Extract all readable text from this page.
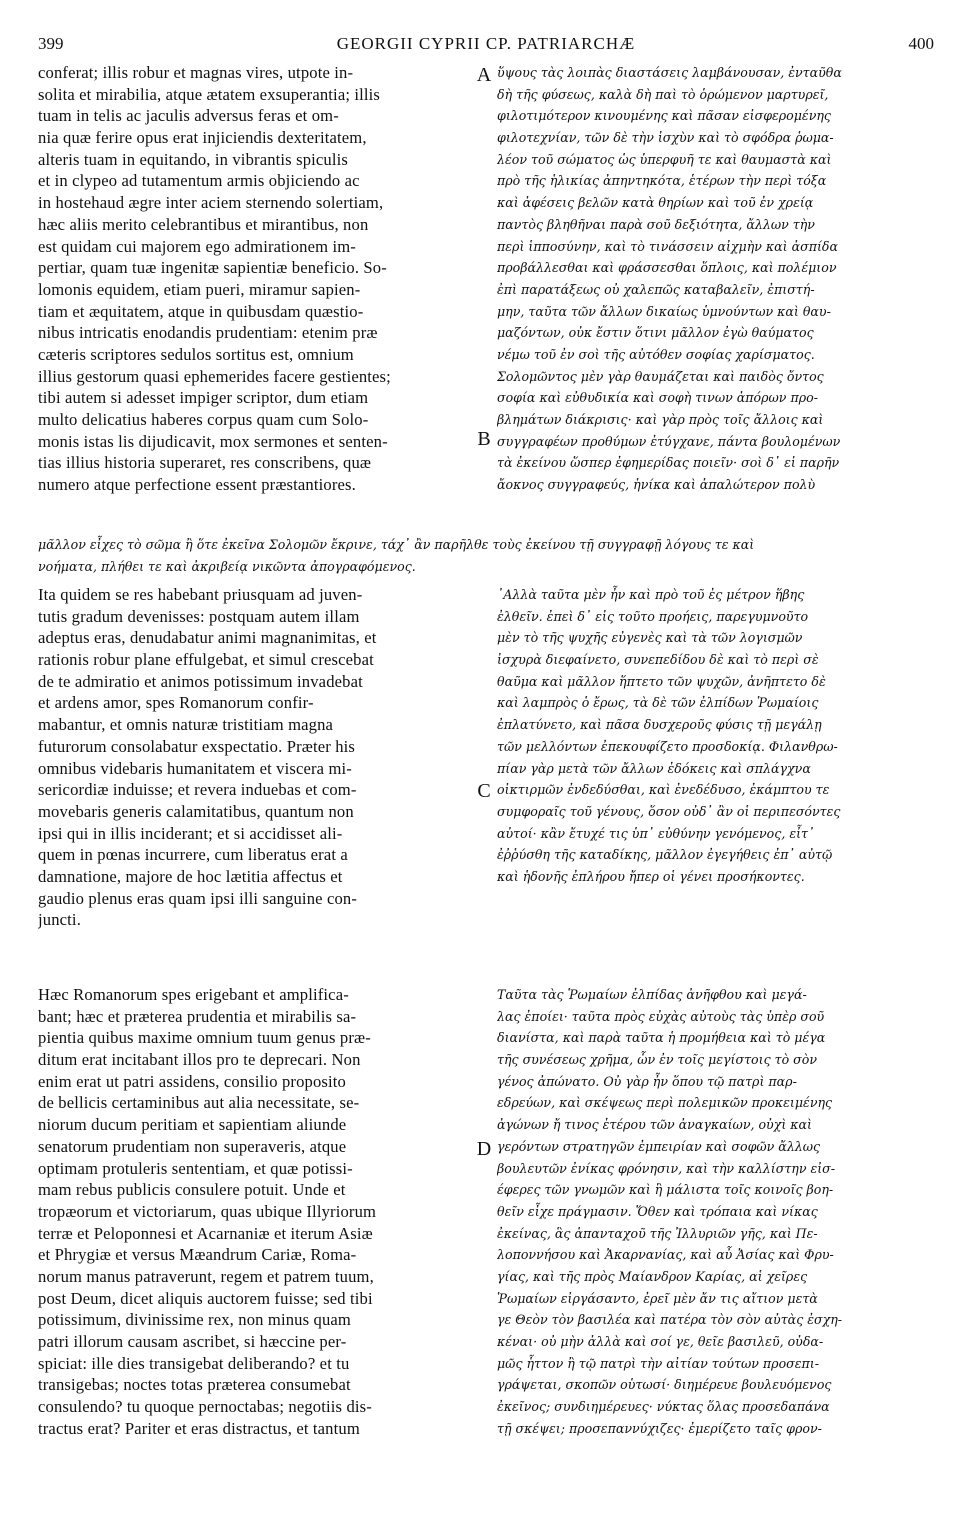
399	GEORGII CYPRII CP. PATRIARCHÆ	400
A
B
C
D
conferat; illis robur et magnas vires, utpote in-
solita et mirabilia, atque ætatem exsuperantia; illis
tuam in telis ac jaculis adversus feras et om-
nia quæ ferire opus erat injiciendis dexteritatem,
alteris tuam in equitando, in vibrantis spiculis
et in clypeo ad tutamentum armis objiciendo ac
in hostehaud ægre inter aciem sternendo solertiam,
hæc aliis merito celebrantibus et mirantibus, non
est quidam cui majorem ego admirationem im-
pertiar, quam tuæ ingenitæ sapientiæ beneficio. So-
lomonis equidem, etiam pueri, miramur sapien-
tiam et æquitatem, atque in quibusdam quæstio-
nibus intricatis enodandis prudentiam: etenim præ
cæteris scriptores sedulos sortitus est, omnium
illius gestorum quasi ephemerides facere gestientes;
tibi autem si adesset impiger scriptor, dum etiam
multo delicatius haberes corpus quam cum Solo-
monis istas lis dijudicavit, mox sermones et senten-
tias illius historia superaret, res conscribens, quæ
numero atque perfectione essent præstantiores.
ὕψους τὰς λοιπὰς διαστάσεις λαμβάνουσαν, ἐνταῦθα
δὴ τῆς φύσεως, καλὰ δὴ παὶ τὸ ὁρώμενον μαρτυρεῖ,
φιλοτιμότερον κινουμένης καὶ πᾶσαν εἰσφερομένης
φιλοτεχνίαν, τῶν δὲ τὴν ἰσχὺν καὶ τὸ σφόδρα ῥωμα-
λέον τοῦ σώματος ὡς ὑπερφυῆ τε καὶ θαυμαστὰ καὶ
πρὸ τῆς ἡλικίας ἀπηντηκότα, ἑτέρων τὴν περὶ τόξα
καὶ ἀφέσεις βελῶν κατὰ θηρίων καὶ τοῦ ἐν χρείᾳ
παντὸς βληθῆναι παρὰ σοῦ δεξιότητα, ἄλλων τὴν
περὶ ἱπποσύνην, καὶ τὸ τινάσσειν αἰχμὴν καὶ ἀσπίδα
προβάλλεσθαι καὶ φράσσεσθαι ὅπλοις, καὶ πολέμιον
ἐπὶ παρατάξεως οὐ χαλεπῶς καταβαλεῖν, ἐπιστή-
μην, ταῦτα τῶν ἄλλων δικαίως ὑμνούντων καὶ θαυ-
μαζόντων, οὐκ ἔστιν ὅτινι μᾶλλον ἐγὼ θαύματος
νέμω τοῦ ἐν σοὶ τῆς αὐτόθεν σοφίας χαρίσματος.
Σολομῶντος μὲν γὰρ θαυμάζεται καὶ παιδὸς ὄντος
σοφία καὶ εὐθυδικία καὶ σοφὴ τινων ἀπόρων προ-
βλημάτων διάκρισις· καὶ γὰρ πρὸς τοῖς ἄλλοις καὶ
συγγραφέων προθύμων ἐτύγχανε, πάντα βουλομένων
τὰ ἐκείνου ὥσπερ ἐφημερίδας ποιεῖν· σοὶ δ᾽ εἰ παρῆν
ἄοκνος συγγραφεύς, ἡνίκα καὶ ἀπαλώτερον πολὺ
μᾶλλον εἶχες τὸ σῶμα ἢ ὅτε ἐκεῖνα Σολομῶν ἔκρινε, τάχ᾽ ἂν παρῆλθε τοὺς ἐκείνου τῇ συγγραφῇ λόγους τε καὶ
νοήματα, πλήθει τε καὶ ἀκριβείᾳ νικῶντα ἀπογραφόμενος.
Ita quidem se res habebant priusquam ad juven-
tutis gradum devenisses: postquam autem illam
adeptus eras, denudabatur animi magnanimitas, et
rationis robur plane effulgebat, et simul crescebat
de te admiratio et animos potissimum invadebat
et ardens amor, spes Romanorum confir-
mabantur, et omnis naturæ tristitiam magna
futurorum consolabatur exspectatio. Præter his
omnibus videbaris humanitatem et viscera mi-
sericordiæ induisse; et revera induebas et com-
movebaris generis calamitatibus, quantum non
ipsi qui in illis inciderant; et si accidisset ali-
quem in pœnas incurrere, cum liberatus erat a
damnatione, majore de hoc lætitia affectus et
gaudio plenus eras quam ipsi illi sanguine con-
juncti.
᾿Αλλὰ ταῦτα μὲν ἦν καὶ πρὸ τοῦ ἐς μέτρον ἥβης
ἐλθεῖν. ἐπεὶ δ᾽ εἰς τοῦτο προήεις, παρεγυμνοῦτο
μὲν τὸ τῆς ψυχῆς εὐγενὲς καὶ τὰ τῶν λογισμῶν
ἰσχυρὰ διεφαίνετο, συνεπεδίδου δὲ καὶ τὸ περὶ σὲ
θαῦμα καὶ μᾶλλον ἥπτετο τῶν ψυχῶν, ἀνῆπτετο δὲ
καὶ λαμπρὸς ὁ ἔρως, τὰ δὲ τῶν ἐλπίδων Ῥωμαίοις
ἐπλατύνετο, καὶ πᾶσα δυσχεροῦς φύσις τῇ μεγάλῃ
τῶν μελλόντων ἐπεκουφίζετο προσδοκίᾳ. Φιλανθρω-
πίαν γὰρ μετὰ τῶν ἄλλων ἐδόκεις καὶ σπλάγχνα
οἰκτιρμῶν ἐνδεδύσθαι, καὶ ἐνεδέδυσο, ἐκάμπτου τε
συμφοραῖς τοῦ γένους, ὅσον οὐδ᾽ ἂν οἱ περιπεσόντες
αὐτοί· κἂν ἔτυχέ τις ὑπ᾽ εὐθύνην γενόμενος, εἶτ᾽
ἐῤῥύσθη τῆς καταδίκης, μᾶλλον ἐγεγήθεις ἐπ᾽ αὐτῷ
καὶ ἡδονῆς ἐπλήρου ἤπερ οἱ γένει προσήκοντες.
Hæc Romanorum spes erigebant et amplifica-
bant; hæc et præterea prudentia et mirabilis sa-
pientia quibus maxime omnium tuum genus præ-
ditum erat incitabant illos pro te deprecari. Non
enim erat ut patri assidens, consilio proposito
de bellicis certaminibus aut alia necessitate, se-
niorum ducum peritiam et sapientiam aliunde
senatorum prudentiam non superaveris, atque
optimam protuleris sententiam, et quæ potissi-
mam rebus publicis consulere potuit. Unde et
tropæorum et victoriarum, quas ubique Illyriorum
terræ et Peloponnesi et Acarnaniæ et iterum Asiæ
et Phrygiæ et versus Mæandrum Cariæ, Roma-
norum manus patraverunt, regem et patrem tuum,
post Deum, dicet aliquis auctorem fuisse; sed tibi
potissimum, divinissime rex, non minus quam
patri illorum causam ascribet, si hæccine per-
spiciat: ille dies transigebat deliberando? et tu
transigebas; noctes totas præterea consumebat
consulendo? tu quoque pernoctabas; negotiis dis-
tractus erat? Pariter et eras distractus, et tantum
Ταῦτα τὰς Ῥωμαίων ἐλπίδας ἀνῆφθου καὶ μεγά-
λας ἐποίει· ταῦτα πρὸς εὐχὰς αὐτοὺς τὰς ὑπὲρ σοῦ
διανίστα, καὶ παρὰ ταῦτα ἡ προμήθεια καὶ τὸ μέγα
τῆς συνέσεως χρῆμα, ὧν ἐν τοῖς μεγίστοις τὸ σὸν
γένος ἀπώνατο. Οὐ γὰρ ἦν ὅπου τῷ πατρὶ παρ-
εδρεύων, καὶ σκέψεως περὶ πολεμικῶν προκειμένης
ἀγώνων ἤ τινος ἑτέρου τῶν ἀναγκαίων, οὐχὶ καὶ
γερόντων στρατηγῶν ἐμπειρίαν καὶ σοφῶν ἄλλως
βουλευτῶν ἐνίκας φρόνησιν, καὶ τὴν καλλίστην εἰσ-
έφερες τῶν γνωμῶν καὶ ἣ μάλιστα τοῖς κοινοῖς βοη-
θεῖν εἶχε πράγμασιν. Ὅθεν καὶ τρόπαια καὶ νίκας
ἐκείνας, ἃς ἁπανταχοῦ τῆς Ἰλλυριῶν γῆς, καὶ Πε-
λοποννήσου καὶ Ἀκαρνανίας, καὶ αὖ Ἀσίας καὶ Φρυ-
γίας, καὶ τῆς πρὸς Μαίανδρον Καρίας, αἱ χεῖρες
Ῥωμαίων εἰργάσαντο, ἐρεῖ μὲν ἄν τις αἴτιον μετὰ
γε Θεὸν τὸν βασιλέα καὶ πατέρα τὸν σὸν αὐτὰς ἐσχη-
κέναι· οὐ μὴν ἀλλὰ καὶ σοί γε, θεῖε βασιλεῦ, οὐδα-
μῶς ἧττον ἢ τῷ πατρὶ τὴν αἰτίαν τούτων προσεπι-
γράψεται, σκοπῶν οὑτωσί· διημέρευε βουλευόμενος
ἐκεῖνος; συνδιημέρευες· νύκτας ὅλας προσεδαπάνα
τῇ σκέψει; προσεπαννύχιζες· ἐμερίζετο ταῖς φρον-
